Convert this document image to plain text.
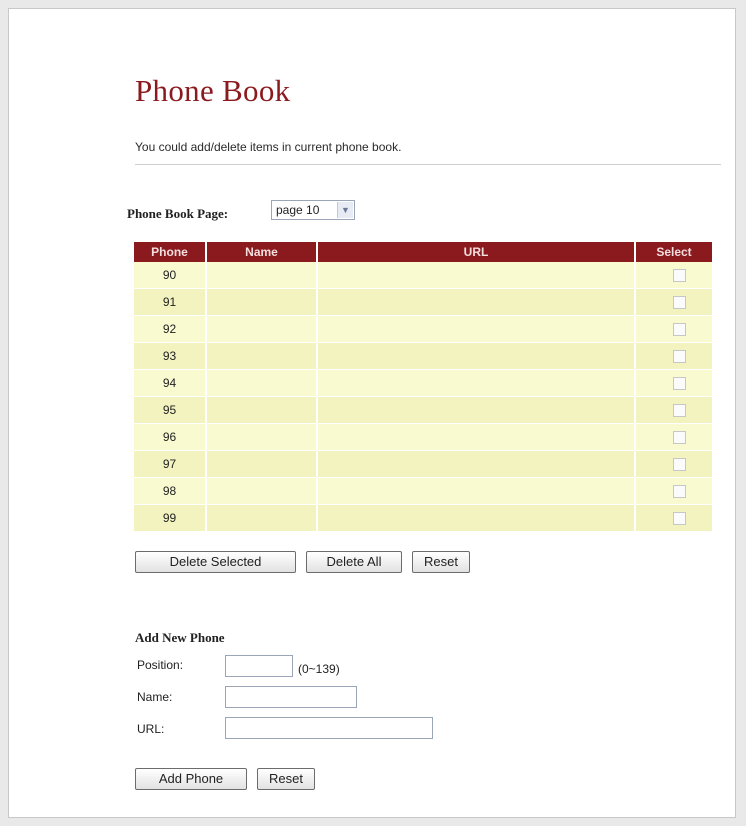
Phone Book
You could add/delete items in current phone book.
Phone Book Page:	page 10	▼
Phone	Name	URL	Select
90			
91			
92			
93			
94			
95			
96			
97			
98			
99			
Delete Selected	Delete All	Reset
Add New Phone
Position:	(0~139)
Name:
URL:
Add Phone	Reset
